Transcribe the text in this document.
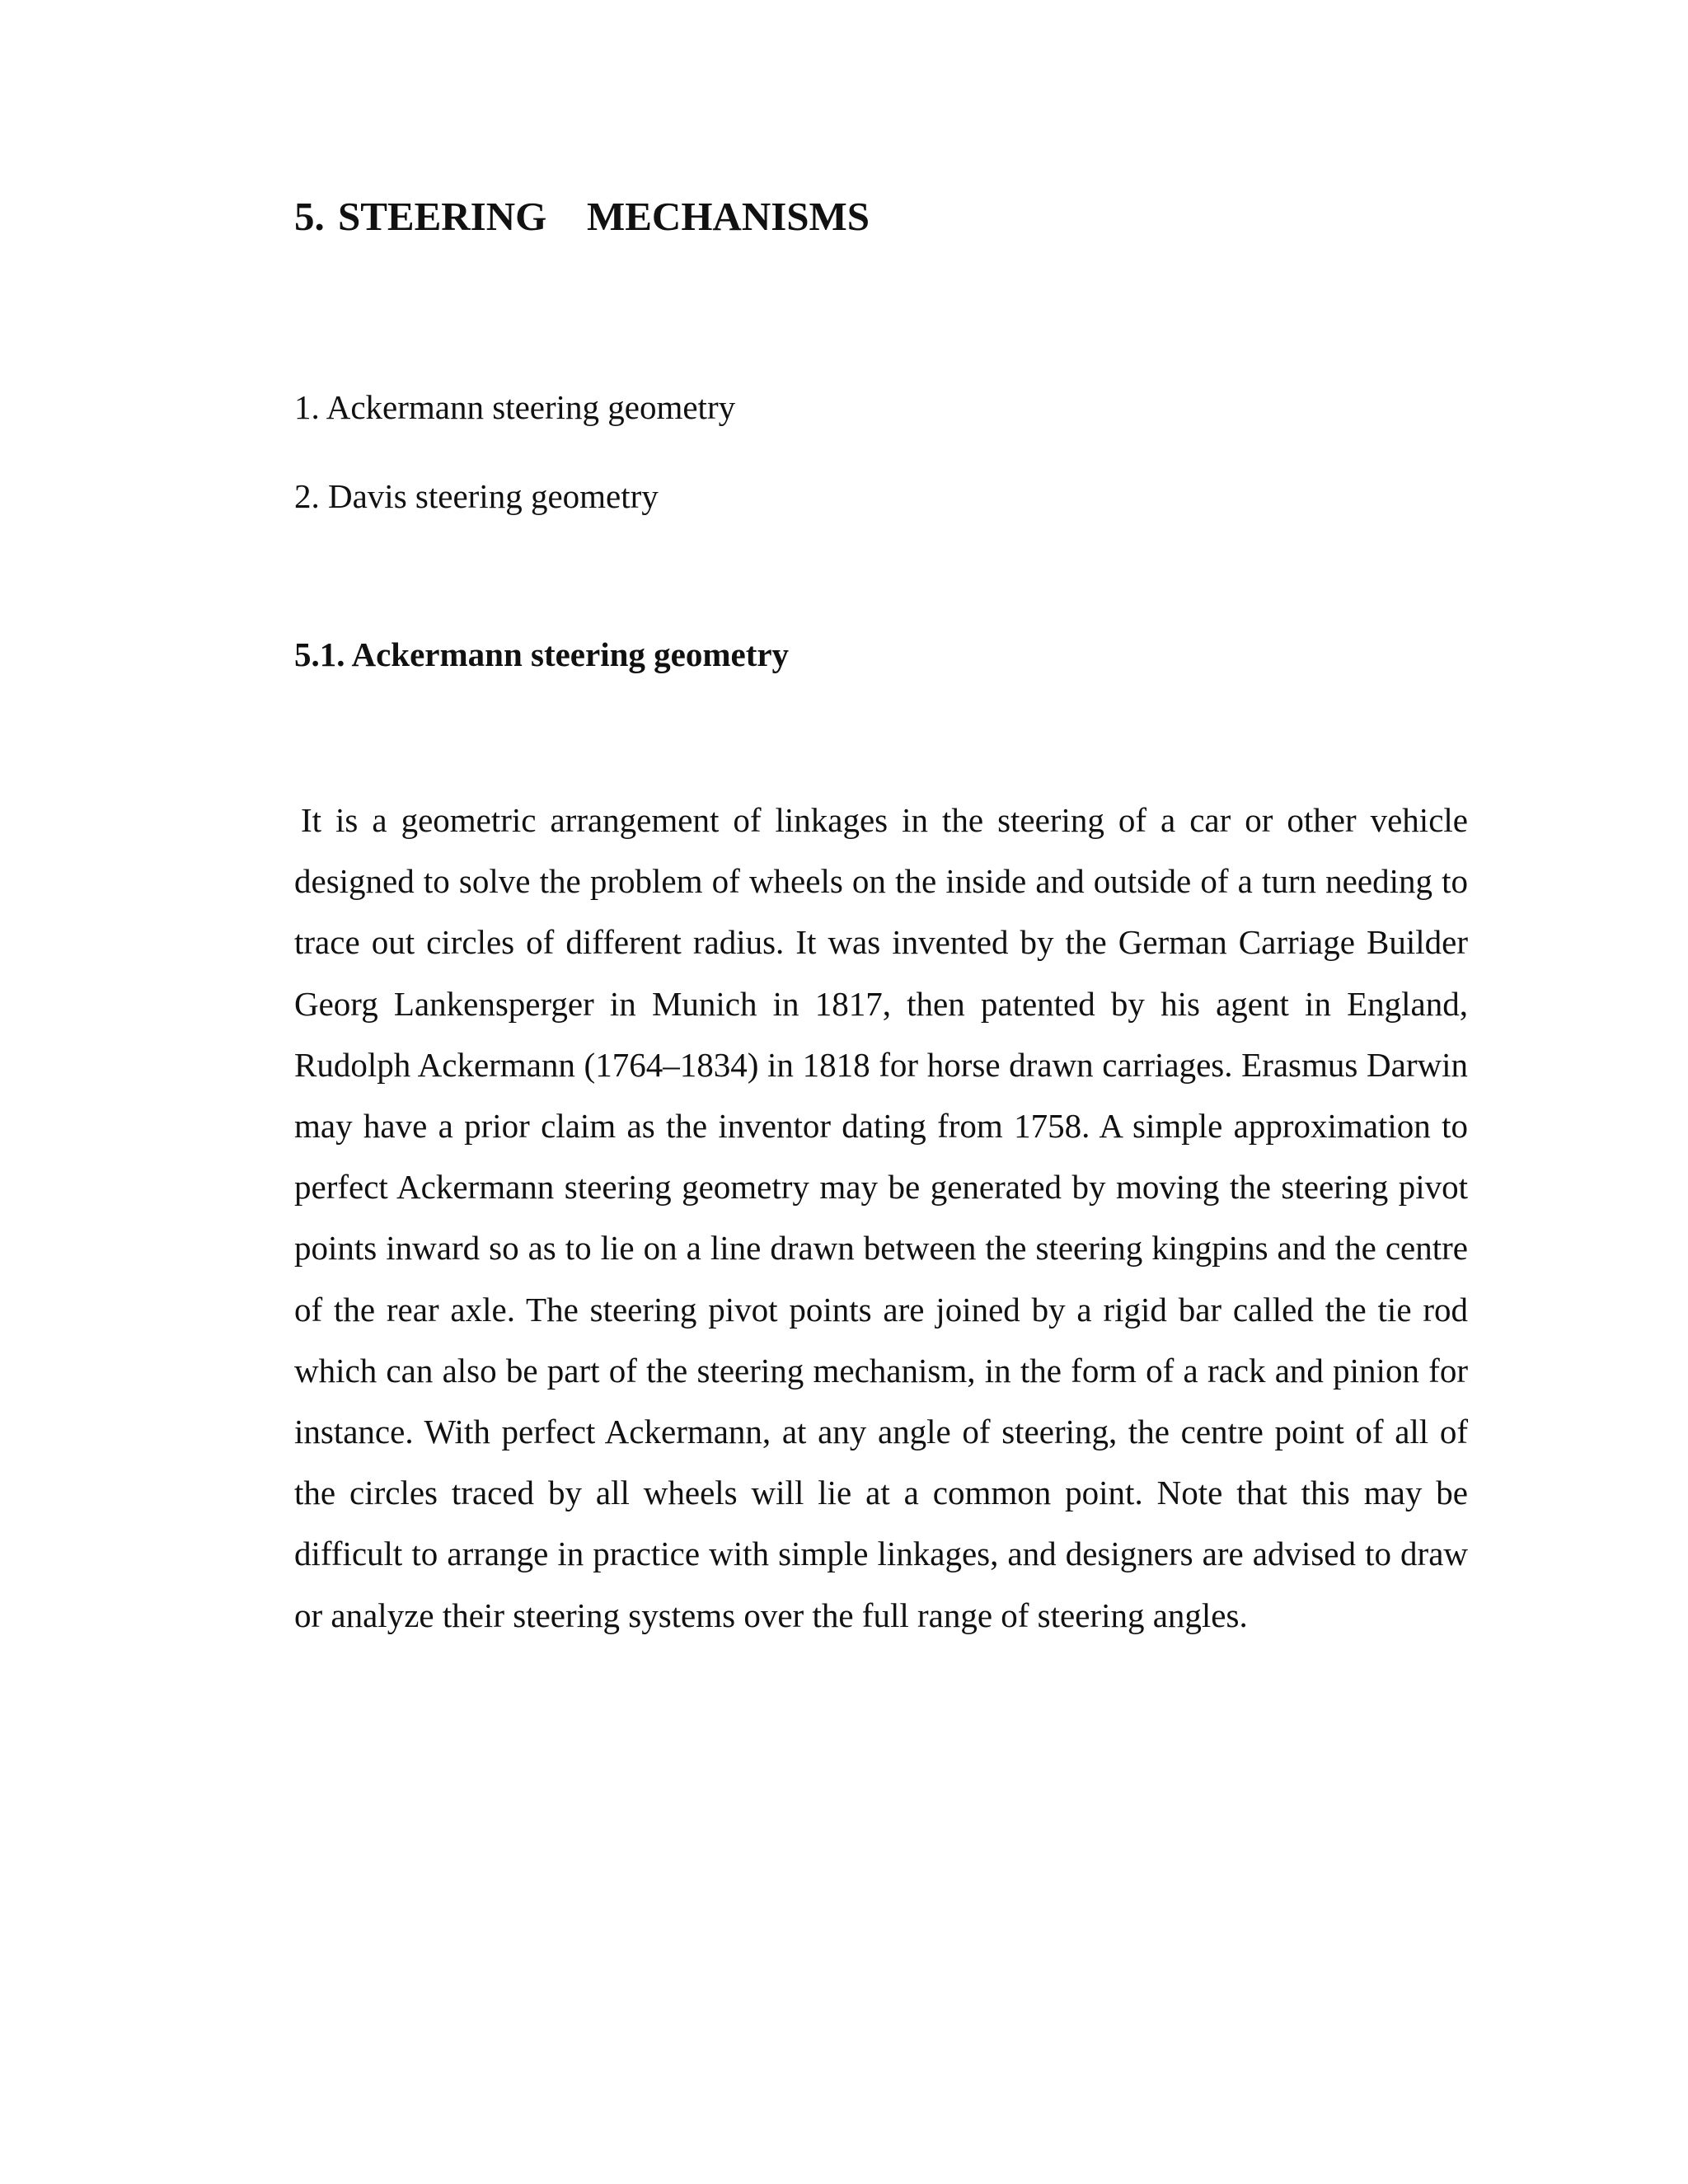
5. STEERING   MECHANISMS
1. Ackermann steering geometry
2. Davis steering geometry
5.1. Ackermann steering geometry

It is a geometric arrangement of linkages in the steering of a car or other vehicle designed to solve the problem of wheels on the inside and outside of a turn needing to trace out circles of different radius. It was invented by the German Carriage Builder Georg Lankensperger in Munich in 1817, then patented by his agent in England, Rudolph Ackermann (1764–1834) in 1818 for horse drawn carriages. Erasmus Darwin may have a prior claim as the inventor dating from 1758. A simple approximation to perfect Ackermann steering geometry may be generated by moving the steering pivot points inward so as to lie on a line drawn between the steering kingpins and the centre of the rear axle. The steering pivot points are joined by a rigid bar called the tie rod which can also be part of the steering mechanism, in the form of a rack and pinion for instance. With perfect Ackermann, at any angle of steering, the centre point of all of the circles traced by all wheels will lie at a common point. Note that this may be difficult to arrange in practice with simple linkages, and designers are advised to draw or analyze their steering systems over the full range of steering angles.
